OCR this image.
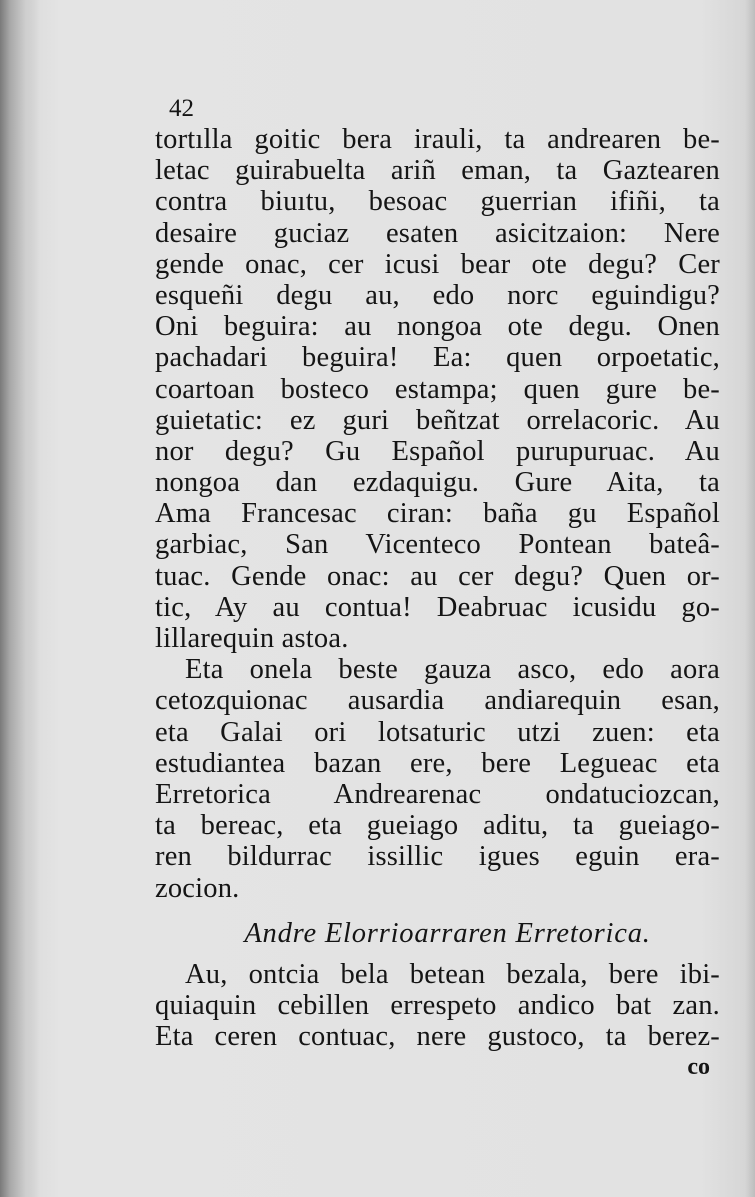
42
tortılla goitic bera irauli, ta andrearen be-
letac guirabuelta ariñ eman, ta Gaztearen
contra biuıtu, besoac guerrian ifiñi, ta
desaire guciaz esaten asicitzaion: Nere
gende onac, cer icusi bear ote degu? Cer
esqueñi degu au, edo norc eguindigu?
Oni beguira: au nongoa ote degu. Onen
pachadari beguira! Ea: quen orpoetatic,
coartoan bosteco estampa; quen gure be-
guietatic: ez guri beñtzat orrelacoric. Au
nor degu? Gu Español purupuruac. Au
nongoa dan ezdaquigu. Gure Aita, ta
Ama Francesac ciran: baña gu Español
garbiac, San Vicenteco Pontean bateâ-
tuac. Gende onac: au cer degu? Quen or-
tic, Ay au contua! Deabruac icusidu go-
lillarequin astoa.
Eta onela beste gauza asco, edo aora
cetozquionac ausardia andiarequin esan,
eta Galai ori lotsaturic utzi zuen: eta
estudiantea bazan ere, bere Legueac eta
Erretorica Andrearenac ondatuciozcan,
ta bereac, eta gueiago aditu, ta gueiago-
ren bildurrac issillic igues eguin era-
zocion.
Andre Elorrioarraren Erretorica.
Au, ontcia bela betean bezala, bere ibi-
quiaquin cebillen errespeto andico bat zan.
Eta ceren contuac, nere gustoco, ta berez-
co
